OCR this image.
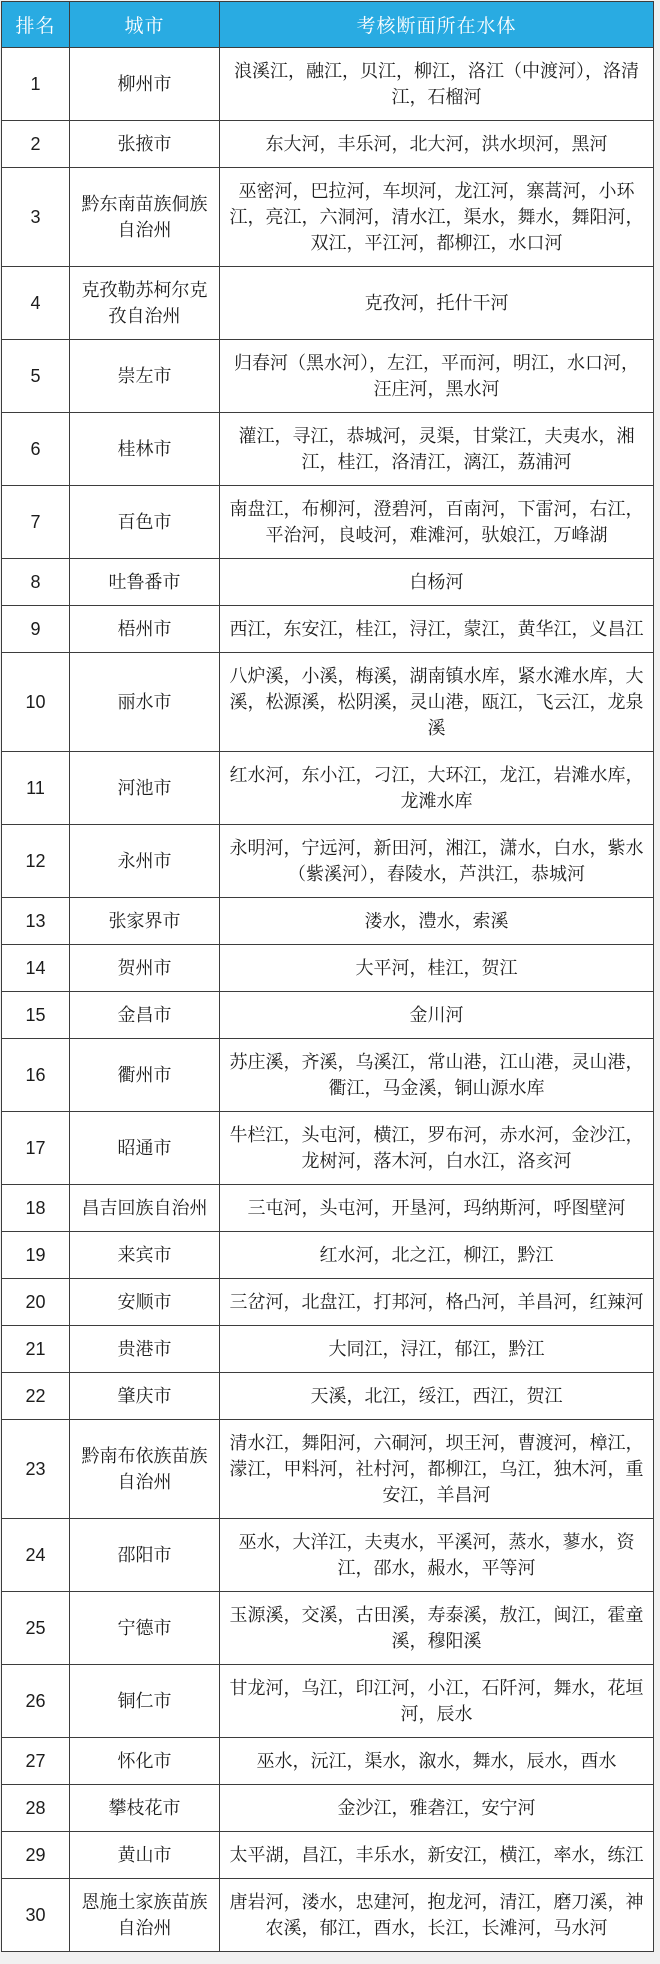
排名	城市	考核断面所在水体
1	柳州市	浪溪江，融江，贝江，柳江，洛江（中渡河），洛清江，石榴河
2	张掖市	东大河，丰乐河，北大河，洪水坝河，黑河
3	黔东南苗族侗族自治州	巫密河，巴拉河，车坝河，龙江河，寨蒿河，小环江，亮江，六洞河，清水江，渠水，舞水，舞阳河，双江，平江河，都柳江，水口河
4	克孜勒苏柯尔克孜自治州	克孜河，托什干河
5	崇左市	归春河（黑水河），左江，平而河，明江，水口河，汪庄河，黑水河
6	桂林市	灌江，寻江，恭城河，灵渠，甘棠江，夫夷水，湘江，桂江，洛清江，漓江，荔浦河
7	百色市	南盘江，布柳河，澄碧河，百南河，下雷河，右江，平治河，良岐河，难滩河，驮娘江，万峰湖
8	吐鲁番市	白杨河
9	梧州市	西江，东安江，桂江，浔江，蒙江，黄华江，义昌江
10	丽水市	八炉溪，小溪，梅溪，湖南镇水库，紧水滩水库，大溪，松源溪，松阴溪，灵山港，瓯江，飞云江，龙泉溪
11	河池市	红水河，东小江，刁江，大环江，龙江，岩滩水库，龙滩水库
12	永州市	永明河，宁远河，新田河，湘江，潇水，白水，紫水（紫溪河），舂陵水，芦洪江，恭城河
13	张家界市	溇水，澧水，索溪
14	贺州市	大平河，桂江，贺江
15	金昌市	金川河
16	衢州市	苏庄溪，齐溪，乌溪江，常山港，江山港，灵山港，衢江，马金溪，铜山源水库
17	昭通市	牛栏江，头屯河，横江，罗布河，赤水河，金沙江，龙树河，落木河，白水江，洛亥河
18	昌吉回族自治州	三屯河，头屯河，开垦河，玛纳斯河，呼图壁河
19	来宾市	红水河，北之江，柳江，黔江
20	安顺市	三岔河，北盘江，打邦河，格凸河，羊昌河，红辣河
21	贵港市	大同江，浔江，郁江，黔江
22	肇庆市	天溪，北江，绥江，西江，贺江
23	黔南布依族苗族自治州	清水江，舞阳河，六硐河，坝王河，曹渡河，樟江，濛江，甲料河，社村河，都柳江，乌江，独木河，重安江，羊昌河
24	邵阳市	巫水，大洋江，夫夷水，平溪河，蒸水，蓼水，资江，邵水，赧水，平等河
25	宁德市	玉源溪，交溪，古田溪，寿泰溪，敖江，闽江，霍童溪，穆阳溪
26	铜仁市	甘龙河，乌江，印江河，小江，石阡河，舞水，花垣河，辰水
27	怀化市	巫水，沅江，渠水，溆水，舞水，辰水，酉水
28	攀枝花市	金沙江，雅砻江，安宁河
29	黄山市	太平湖，昌江，丰乐水，新安江，横江，率水，练江
30	恩施土家族苗族自治州	唐岩河，溇水，忠建河，抱龙河，清江，磨刀溪，神农溪，郁江，酉水，长江，长滩河，马水河
